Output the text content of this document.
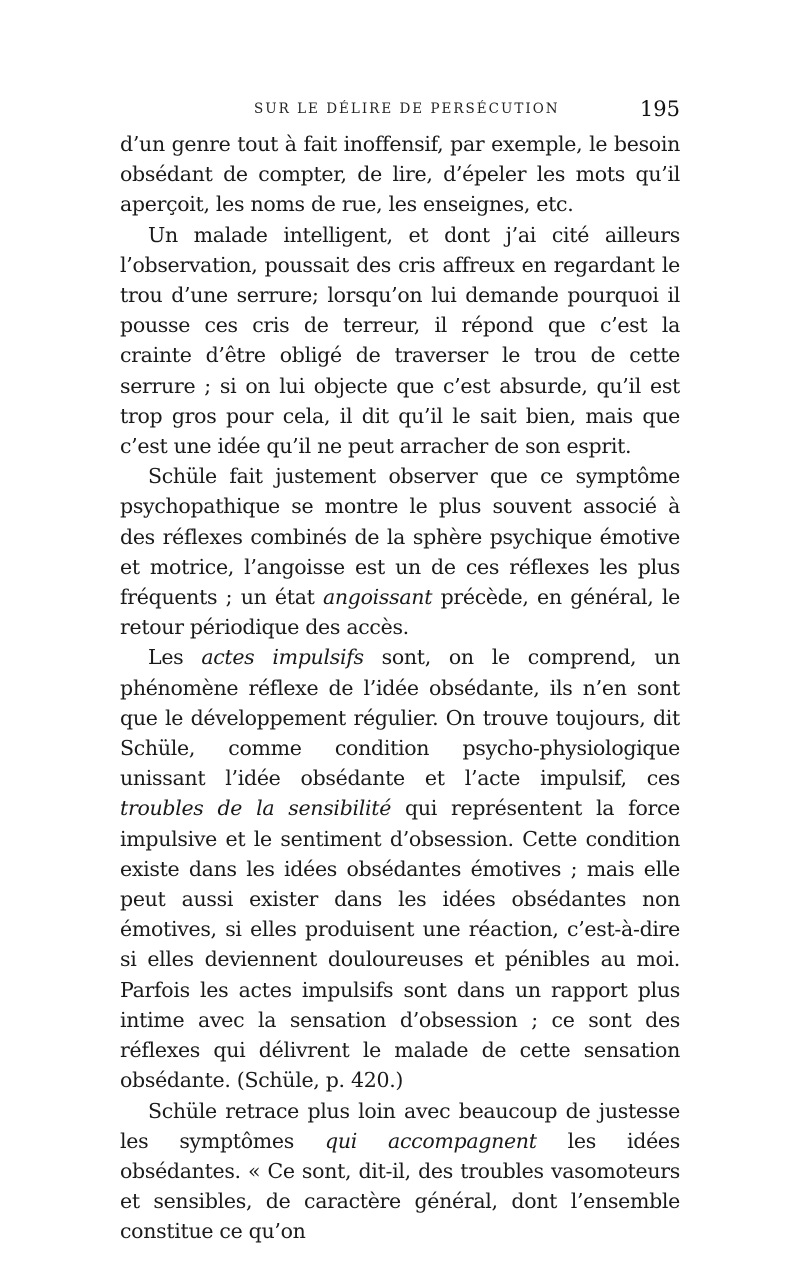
SUR LE DÉLIRE DE PERSÉCUTION	195

d’un genre tout à fait inoffensif, par exemple, le besoin obsédant de compter, de lire, d’épeler les mots qu’il aperçoit, les noms de rue, les enseignes, etc.

Un malade intelligent, et dont j’ai cité ailleurs l’observation, poussait des cris affreux en regardant le trou d’une serrure; lorsqu’on lui demande pourquoi il pousse ces cris de terreur, il répond que c’est la crainte d’être obligé de traverser le trou de cette serrure ; si on lui objecte que c’est absurde, qu’il est trop gros pour cela, il dit qu’il le sait bien, mais que c’est une idée qu’il ne peut arracher de son esprit.

Schüle fait justement observer que ce symptôme psychopathique se montre le plus souvent associé à des réflexes combinés de la sphère psychique émotive et motrice, l’angoisse est un de ces réflexes les plus fréquents ; un état angoissant précède, en général, le retour périodique des accès.

Les actes impulsifs sont, on le comprend, un phénomène réflexe de l’idée obsédante, ils n’en sont que le développement régulier. On trouve toujours, dit Schüle, comme condition psycho-physiologique unissant l’idée obsédante et l’acte impulsif, ces troubles de la sensibilité qui représentent la force impulsive et le sentiment d’obsession. Cette condition existe dans les idées obsédantes émotives ; mais elle peut aussi exister dans les idées obsédantes non émotives, si elles produisent une réaction, c’est-à-dire si elles deviennent douloureuses et pénibles au moi. Parfois les actes impulsifs sont dans un rapport plus intime avec la sensation d’obsession ; ce sont des réflexes qui délivrent le malade de cette sensation obsédante. (Schüle, p. 420.)

Schüle retrace plus loin avec beaucoup de justesse les symptômes qui accompagnent les idées obsédantes. « Ce sont, dit-il, des troubles vasomoteurs et sensibles, de caractère général, dont l’ensemble constitue ce qu’on
